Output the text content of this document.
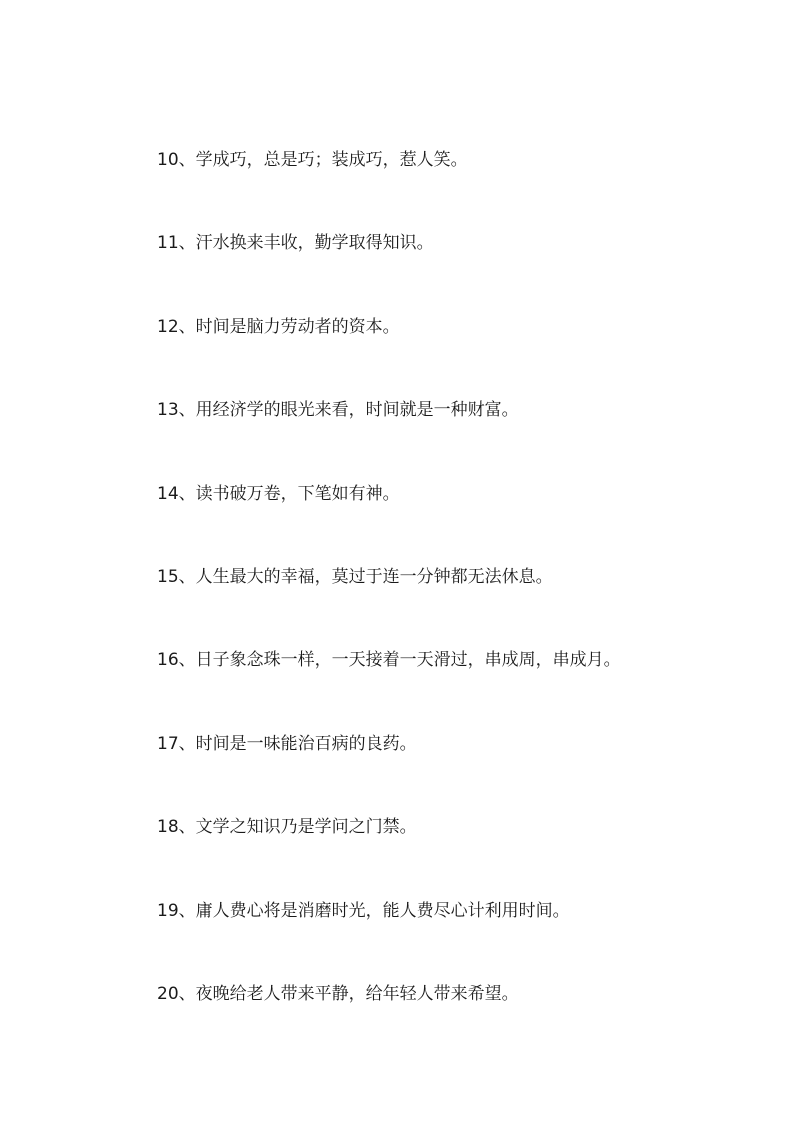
10、学成巧，总是巧；装成巧，惹人笑。
11、汗水换来丰收，勤学取得知识。
12、时间是脑力劳动者的资本。
13、用经济学的眼光来看，时间就是一种财富。
14、读书破万卷，下笔如有神。
15、人生最大的幸福，莫过于连一分钟都无法休息。
16、日子象念珠一样，一天接着一天滑过，串成周，串成月。
17、时间是一味能治百病的良药。
18、文学之知识乃是学问之门禁。
19、庸人费心将是消磨时光，能人费尽心计利用时间。
20、夜晚给老人带来平静，给年轻人带来希望。
